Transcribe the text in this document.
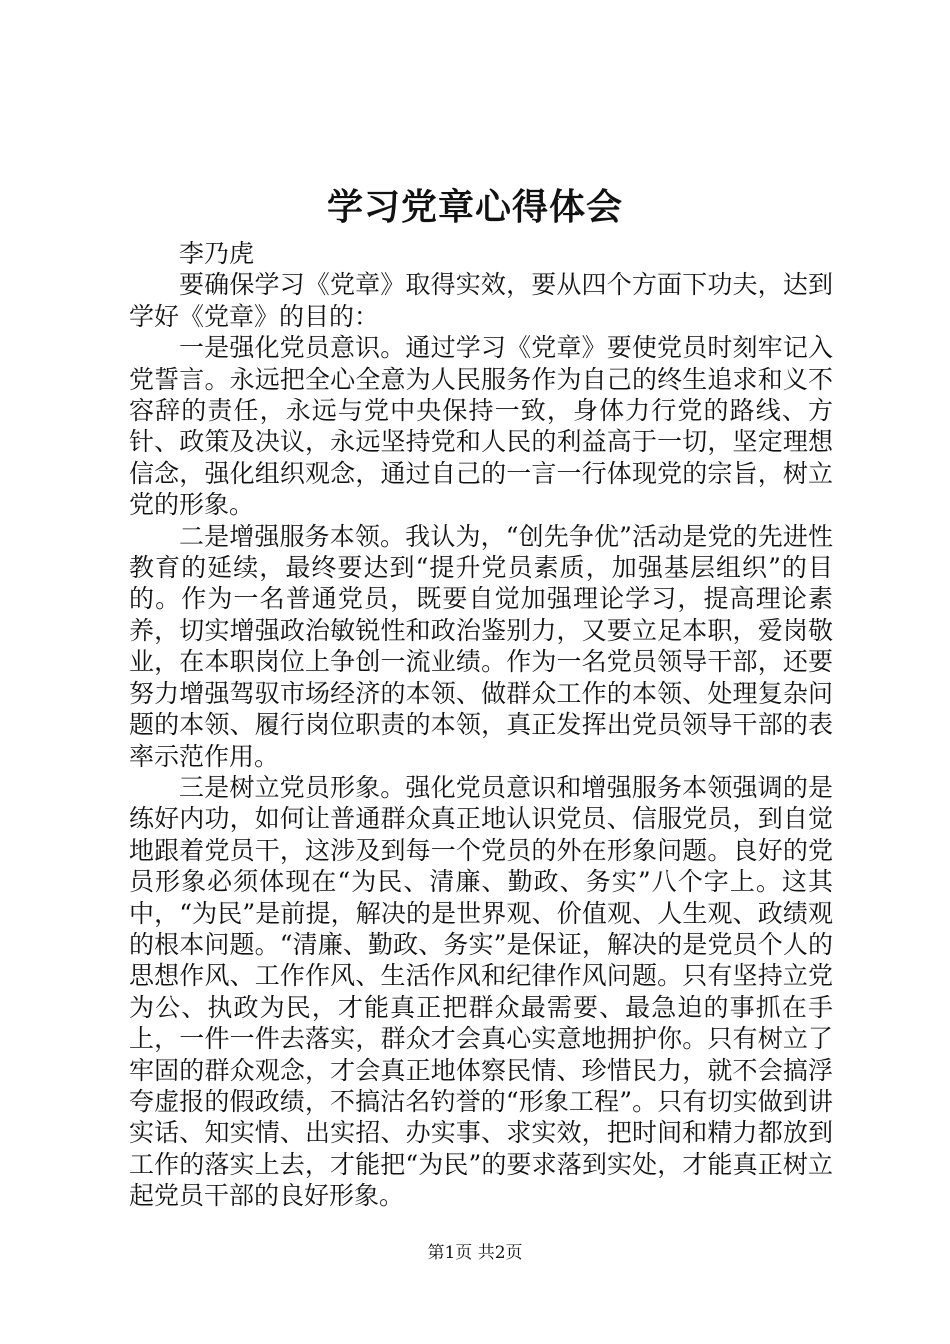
学习党章心得体会
李乃虎

要确保学习《党章》取得实效，要从四个方面下功夫，达到学好《党章》的目的：

一是强化党员意识。通过学习《党章》要使党员时刻牢记入党誓言。永远把全心全意为人民服务作为自己的终生追求和义不容辞的责任，永远与党中央保持一致，身体力行党的路线、方针、政策及决议，永远坚持党和人民的利益高于一切，坚定理想信念，强化组织观念，通过自己的一言一行体现党的宗旨，树立党的形象。

二是增强服务本领。我认为，“创先争优”活动是党的先进性教育的延续，最终要达到“提升党员素质，加强基层组织”的目的。作为一名普通党员，既要自觉加强理论学习，提高理论素养，切实增强政治敏锐性和政治鉴别力，又要立足本职，爱岗敬业，在本职岗位上争创一流业绩。作为一名党员领导干部，还要努力增强驾驭市场经济的本领、做群众工作的本领、处理复杂问题的本领、履行岗位职责的本领，真正发挥出党员领导干部的表率示范作用。

三是树立党员形象。强化党员意识和增强服务本领强调的是练好内功，如何让普通群众真正地认识党员、信服党员，到自觉地跟着党员干，这涉及到每一个党员的外在形象问题。良好的党员形象必须体现在“为民、清廉、勤政、务实”八个字上。这其中，“为民”是前提，解决的是世界观、价值观、人生观、政绩观的根本问题。“清廉、勤政、务实”是保证，解决的是党员个人的思想作风、工作作风、生活作风和纪律作风问题。只有坚持立党为公、执政为民，才能真正把群众最需要、最急迫的事抓在手上，一件一件去落实，群众才会真心实意地拥护你。只有树立了牢固的群众观念，才会真正地体察民情、珍惜民力，就不会搞浮夸虚报的假政绩，不搞沽名钓誉的“形象工程”。只有切实做到讲实话、知实情、出实招、办实事、求实效，把时间和精力都放到工作的落实上去，才能把“为民”的要求落到实处，才能真正树立起党员干部的良好形象。

第1页 共2页
